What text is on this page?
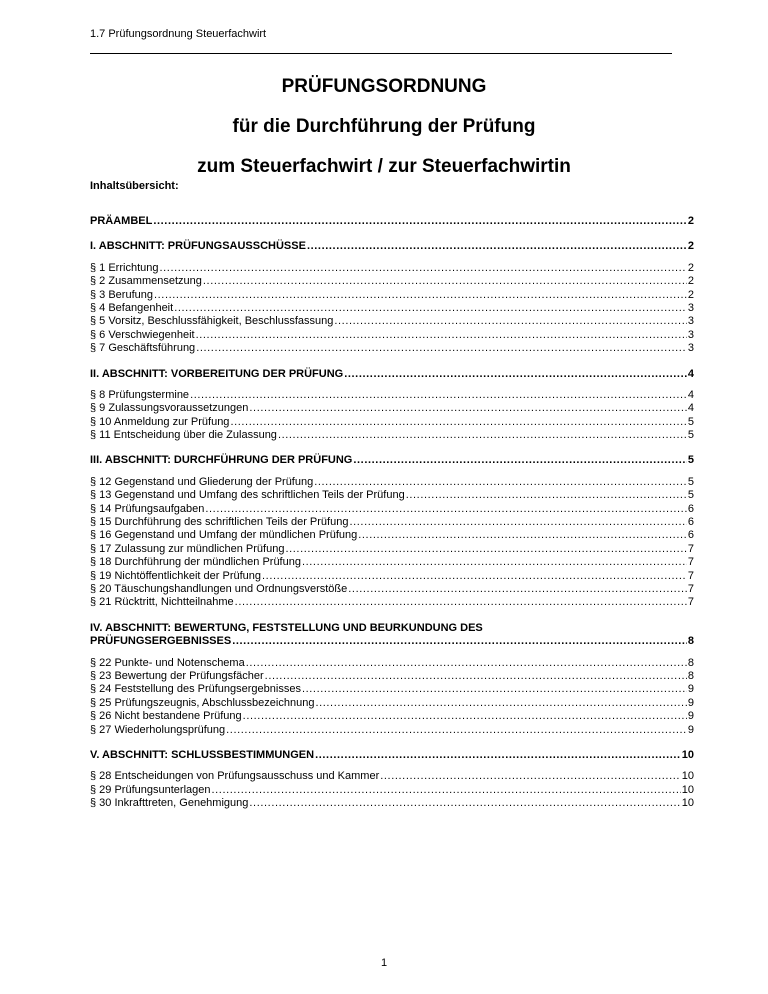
1.7 Prüfungsordnung Steuerfachwirt
PRÜFUNGSORDNUNG
für die Durchführung der Prüfung
zum Steuerfachwirt / zur Steuerfachwirtin
Inhaltsübersicht:
PRÄAMBEL .....	2
I. ABSCHNITT: PRÜFUNGSAUSSCHÜSSE .....	2
§ 1 Errichtung .....	2
§ 2 Zusammensetzung .....	2
§ 3 Berufung .....	2
§ 4 Befangenheit .....	3
§ 5 Vorsitz, Beschlussfähigkeit, Beschlussfassung .....	3
§ 6 Verschwiegenheit .....	3
§ 7 Geschäftsführung .....	3
II. ABSCHNITT: VORBEREITUNG DER PRÜFUNG .....	4
§ 8 Prüfungstermine .....	4
§ 9 Zulassungsvoraussetzungen .....	4
§ 10 Anmeldung zur Prüfung .....	5
§ 11 Entscheidung über die Zulassung .....	5
III. ABSCHNITT: DURCHFÜHRUNG DER PRÜFUNG .....	5
§ 12 Gegenstand und Gliederung der Prüfung .....	5
§ 13 Gegenstand und Umfang des schriftlichen Teils der Prüfung .....	5
§ 14 Prüfungsaufgaben .....	6
§ 15 Durchführung des schriftlichen Teils der Prüfung .....	6
§ 16 Gegenstand und Umfang der mündlichen Prüfung .....	6
§ 17 Zulassung zur mündlichen Prüfung .....	7
§ 18 Durchführung der mündlichen Prüfung .....	7
§ 19 Nichtöffentlichkeit der Prüfung .....	7
§ 20 Täuschungshandlungen und Ordnungsverstöße .....	7
§ 21 Rücktritt, Nichtteilnahme .....	7
IV. ABSCHNITT: BEWERTUNG, FESTSTELLUNG UND BEURKUNDUNG DES
PRÜFUNGSERGEBNISSES .....	8
§ 22 Punkte- und Notenschema .....	8
§ 23 Bewertung der Prüfungsfächer .....	8
§ 24 Feststellung des Prüfungsergebnisses .....	9
§ 25 Prüfungszeugnis, Abschlussbezeichnung .....	9
§ 26 Nicht bestandene Prüfung .....	9
§ 27 Wiederholungsprüfung .....	9
V. ABSCHNITT: SCHLUSSBESTIMMUNGEN .....	10
§ 28 Entscheidungen von Prüfungsausschuss und Kammer .....	10
§ 29 Prüfungsunterlagen .....	10
§ 30 Inkrafttreten, Genehmigung .....	10
1
